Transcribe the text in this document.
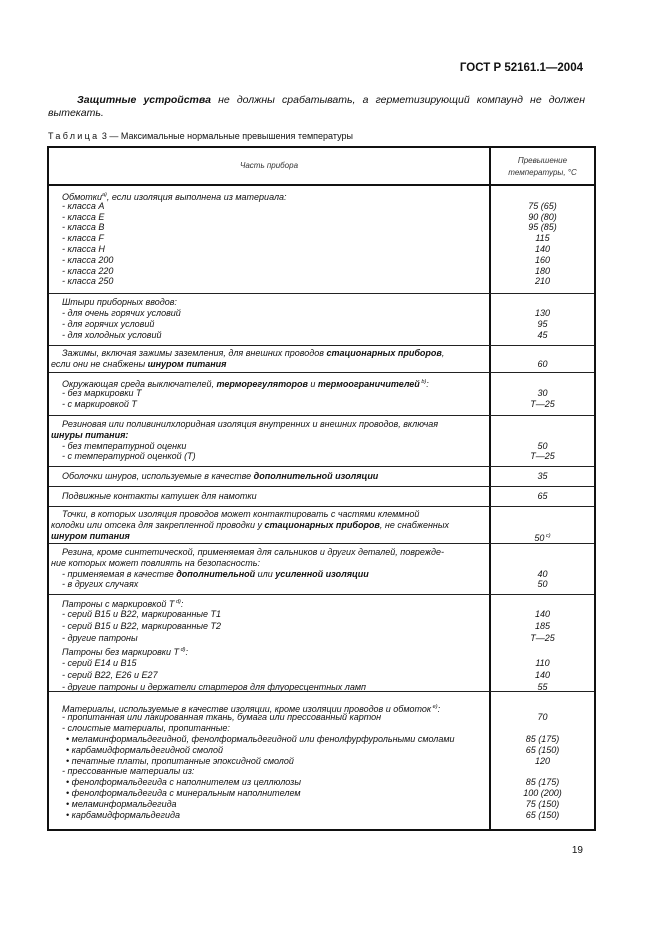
ГОСТ Р 52161.1—2004
Защитные устройства не должны срабатывать, а герметизирующий компаунд не должен вытекать.
Таблица 3 — Максимальные нормальные превышения температуры
Часть прибора
Превышение
температуры, °С
Обмотки$^{а)}$, если изоляция выполнена из материала:
- класса А	75 (65)
- класса Е	90 (80)
- класса В	95 (85)
- класса F	115
- класса Н	140
- класса 200	160
- класса 220	180
- класса 250	210
Штыри приборных вводов:
- для очень горячих условий	130
- для горячих условий	95
- для холодных условий	45
Зажимы, включая зажимы заземления, для внешних проводов стационарных приборов,
если они не снабжены шнуром питания	60
Окружающая среда выключателей, терморегуляторов и термоограничителей $^{b)}$:
- без маркировки Т	30
- с маркировкой Т	Т—25
Резиновая или поливинилхлоридная изоляция внутренних и внешних проводов, включая
шнуры питания:
- без температурной оценки	50
- с температурной оценкой (Т)	Т—25
Оболочки шнуров, используемые в качестве дополнительной изоляции	35
Подвижные контакты катушек для намотки	65
Точки, в которых изоляция проводов может контактировать с частями клеммной
колодки или отсека для закрепленной проводки у стационарных приборов, не снабженных
шнуром питания	50 $^{с)}$
Резина, кроме синтетической, применяемая для сальников и других деталей, поврежде-
ние которых может повлиять на безопасность:
- применяемая в качестве дополнительной или усиленной изоляции	40
- в других случаях	50
Патроны с маркировкой Т $^{d)}$:
- серий В15 и В22, маркированные Т1	140
- серий В15 и В22, маркированные Т2	185
- другие патроны	Т—25
Патроны без маркировки Т $^{d)}$:
- серий Е14 и В15	110
- серий В22, Е26 и Е27	140
- другие патроны и держатели стартеров для флуоресцентных ламп	55
Материалы, используемые в качестве изоляции, кроме изоляции проводов и обмоток $^{е)}$:
- пропитанная или лакированная ткань, бумага или прессованный картон	70
- слоистые материалы, пропитанные:
• меламинформальдегидной, фенолформальдегидной или фенолфурфурольными смолами	85 (175)
• карбамидформальдегидной смолой	65 (150)
• печатные платы, пропитанные эпоксидной смолой	120
- прессованные материалы из:
• фенолформальдегида с наполнителем из целлюлозы	85 (175)
• фенолформальдегида с минеральным наполнителем	100 (200)
• меламинформальдегида	75 (150)
• карбамидформальдегида	65 (150)
19
